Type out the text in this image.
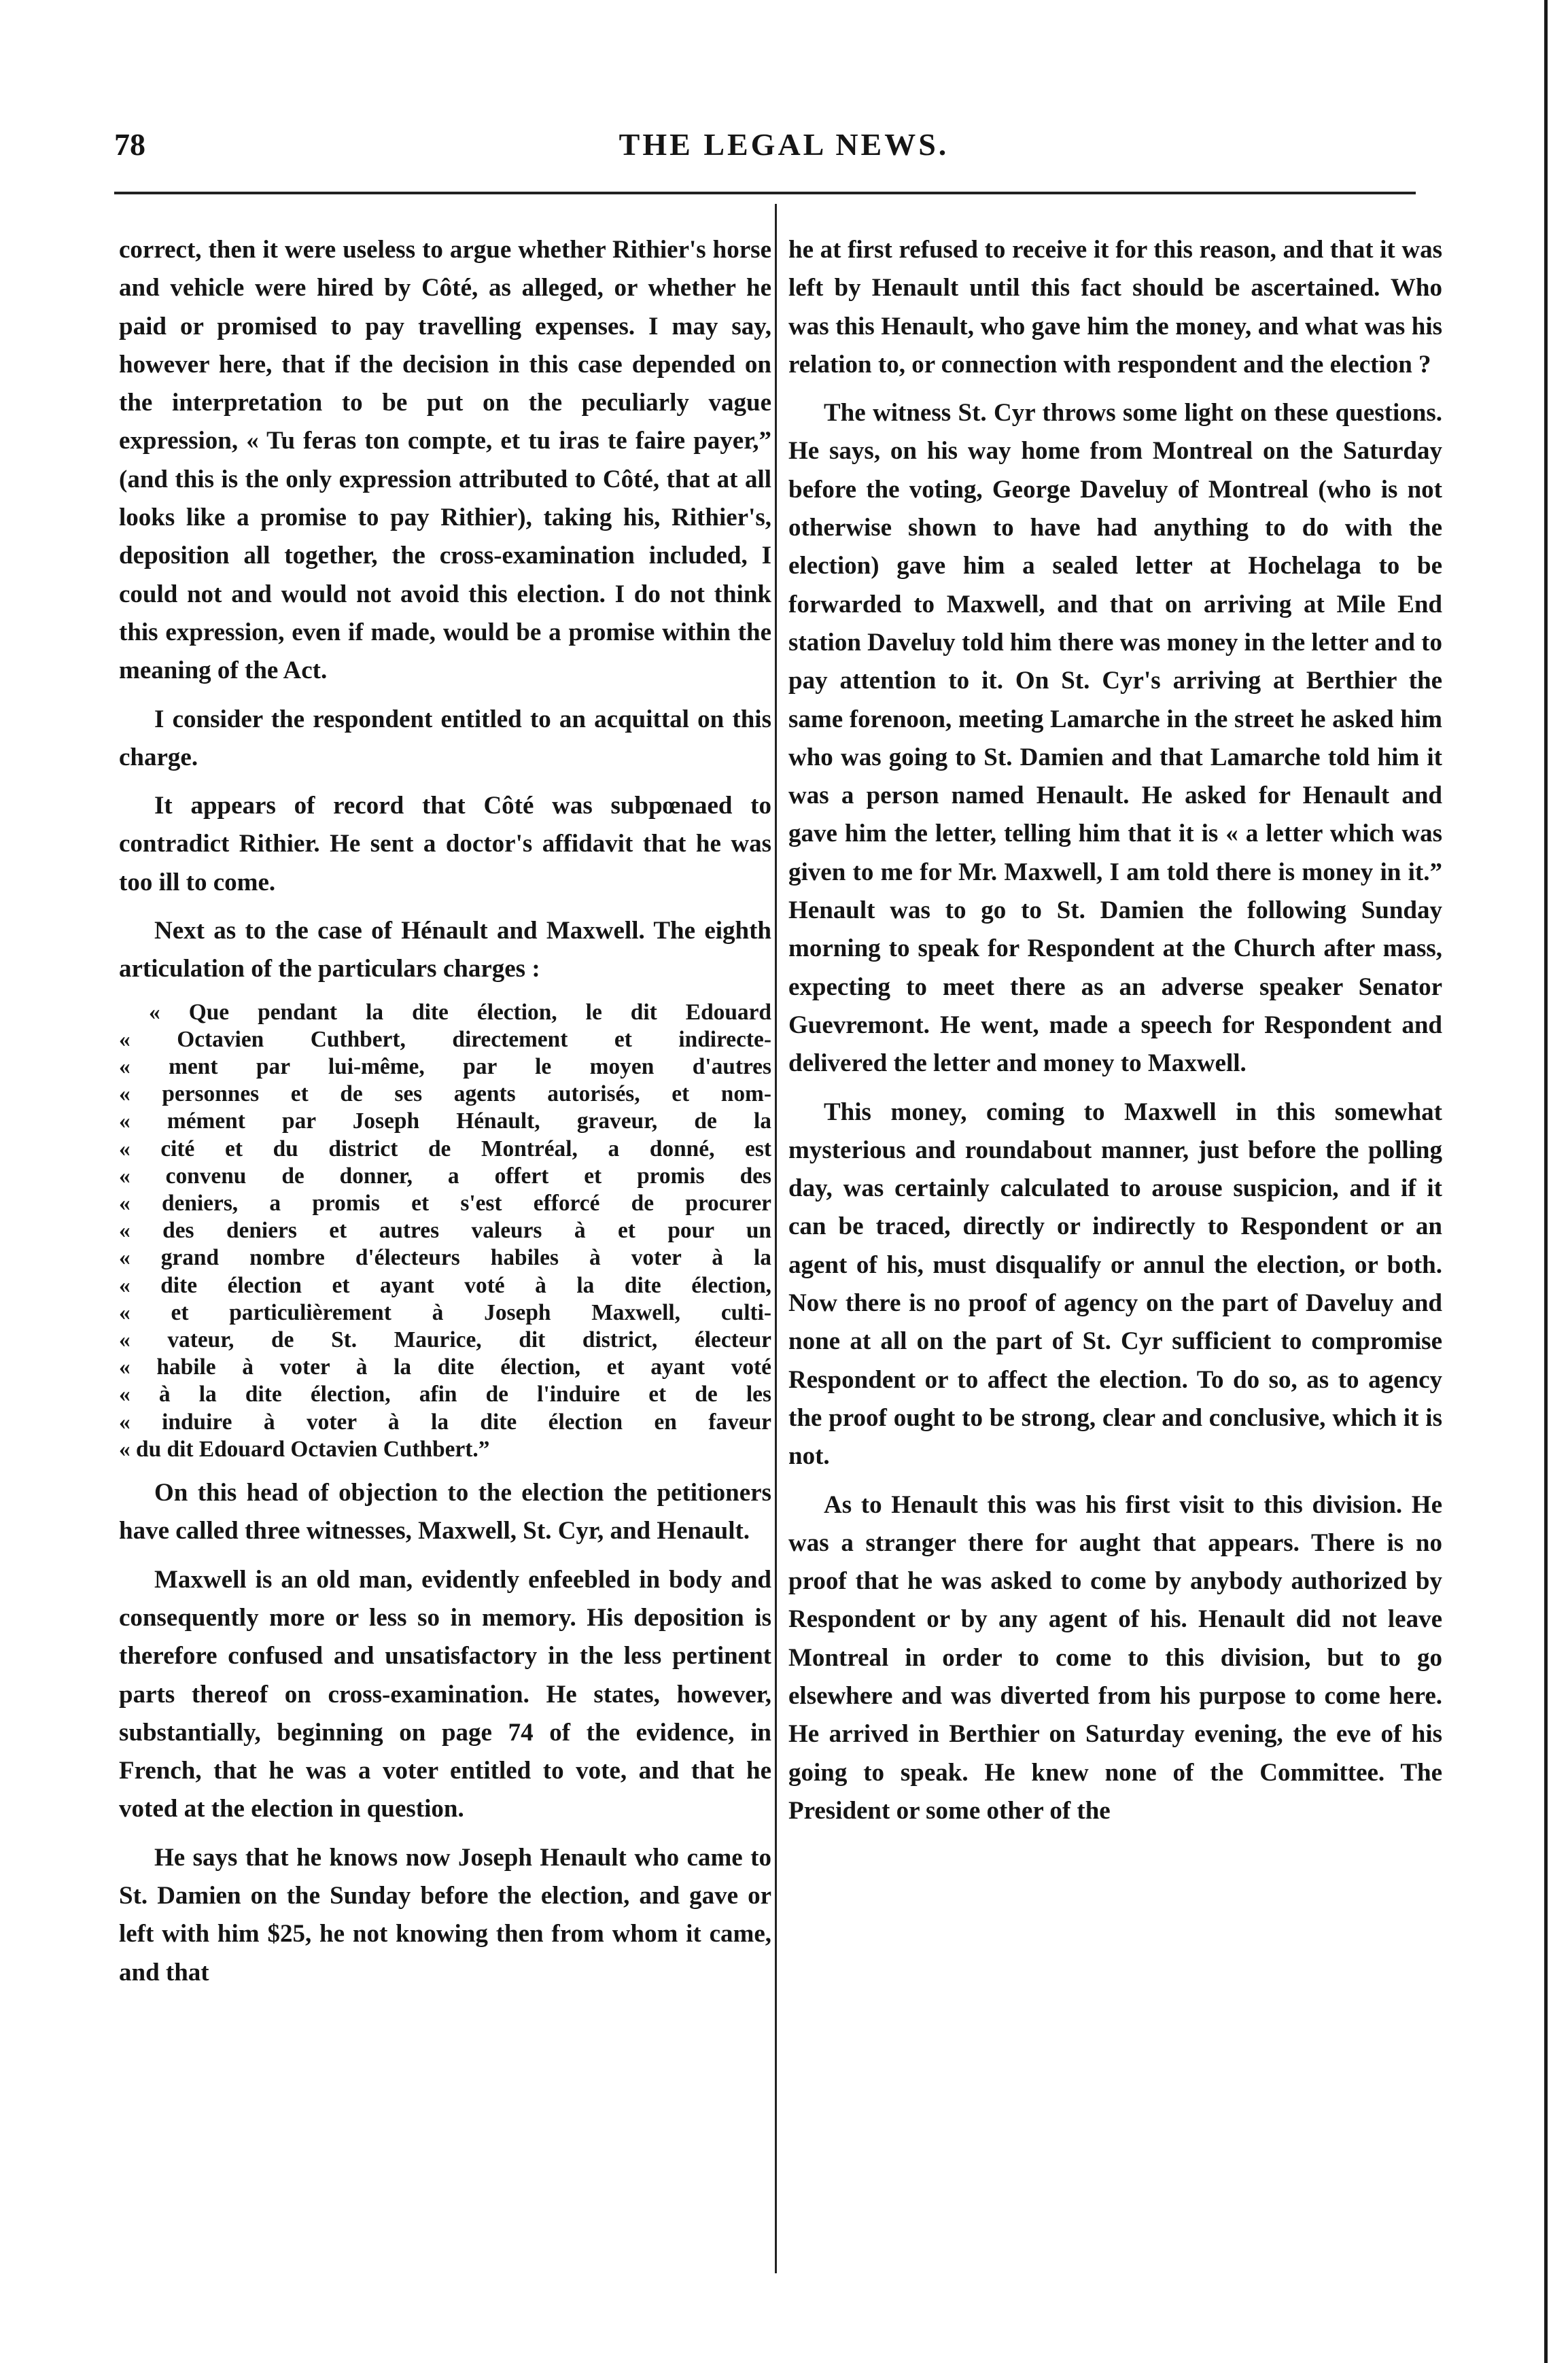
78	THE LEGAL NEWS.

correct, then it were useless to argue whether Rithier's horse and vehicle were hired by Côté, as alleged, or whether he paid or promised to pay travelling expenses. I may say, however here, that if the decision in this case depended on the interpretation to be put on the peculiarly vague expression, « Tu feras ton compte, et tu iras te faire payer,” (and this is the only expression attributed to Côté, that at all looks like a promise to pay Rithier), taking his, Rithier's, deposition all together, the cross-examination included, I could not and would not avoid this election. I do not think this expression, even if made, would be a promise within the meaning of the Act.

I consider the respondent entitled to an acquittal on this charge.

It appears of record that Côté was subpœnaed to contradict Rithier. He sent a doctor's affidavit that he was too ill to come.

Next as to the case of Hénault and Maxwell. The eighth articulation of the particulars charges :

« Que pendant la dite élection, le dit Edouard
« Octavien Cuthbert, directement et indirecte-
« ment par lui-même, par le moyen d'autres
« personnes et de ses agents autorisés, et nom-
« mément par Joseph Hénault, graveur, de la
« cité et du district de Montréal, a donné, est
« convenu de donner, a offert et promis des
« deniers, a promis et s'est efforcé de procurer
« des deniers et autres valeurs à et pour un
« grand nombre d'électeurs habiles à voter à la
« dite élection et ayant voté à la dite élection,
« et particulièrement à Joseph Maxwell, culti-
« vateur, de St. Maurice, dit district, électeur
« habile à voter à la dite élection, et ayant voté
« à la dite élection, afin de l'induire et de les
« induire à voter à la dite élection en faveur
« du dit Edouard Octavien Cuthbert.”

On this head of objection to the election the petitioners have called three witnesses, Maxwell, St. Cyr, and Henault.

Maxwell is an old man, evidently enfeebled in body and consequently more or less so in memory. His deposition is therefore confused and unsatisfactory in the less pertinent parts thereof on cross-examination. He states, however, substantially, beginning on page 74 of the evidence, in French, that he was a voter entitled to vote, and that he voted at the election in question.

He says that he knows now Joseph Henault who came to St. Damien on the Sunday before the election, and gave or left with him $25, he not knowing then from whom it came, and that

he at first refused to receive it for this reason, and that it was left by Henault until this fact should be ascertained. Who was this Henault, who gave him the money, and what was his relation to, or connection with respondent and the election ?

The witness St. Cyr throws some light on these questions. He says, on his way home from Montreal on the Saturday before the voting, George Daveluy of Montreal (who is not otherwise shown to have had anything to do with the election) gave him a sealed letter at Hochelaga to be forwarded to Maxwell, and that on arriving at Mile End station Daveluy told him there was money in the letter and to pay attention to it. On St. Cyr's arriving at Berthier the same forenoon, meeting Lamarche in the street he asked him who was going to St. Damien and that Lamarche told him it was a person named Henault. He asked for Henault and gave him the letter, telling him that it is « a letter which was given to me for Mr. Maxwell, I am told there is money in it.” Henault was to go to St. Damien the following Sunday morning to speak for Respondent at the Church after mass, expecting to meet there as an adverse speaker Senator Guevremont. He went, made a speech for Respondent and delivered the letter and money to Maxwell.

This money, coming to Maxwell in this somewhat mysterious and roundabout manner, just before the polling day, was certainly calculated to arouse suspicion, and if it can be traced, directly or indirectly to Respondent or an agent of his, must disqualify or annul the election, or both. Now there is no proof of agency on the part of Daveluy and none at all on the part of St. Cyr sufficient to compromise Respondent or to affect the election. To do so, as to agency the proof ought to be strong, clear and conclusive, which it is not.

As to Henault this was his first visit to this division. He was a stranger there for aught that appears. There is no proof that he was asked to come by anybody authorized by Respondent or by any agent of his. Henault did not leave Montreal in order to come to this division, but to go elsewhere and was diverted from his purpose to come here. He arrived in Berthier on Saturday evening, the eve of his going to speak. He knew none of the Committee. The President or some other of the
